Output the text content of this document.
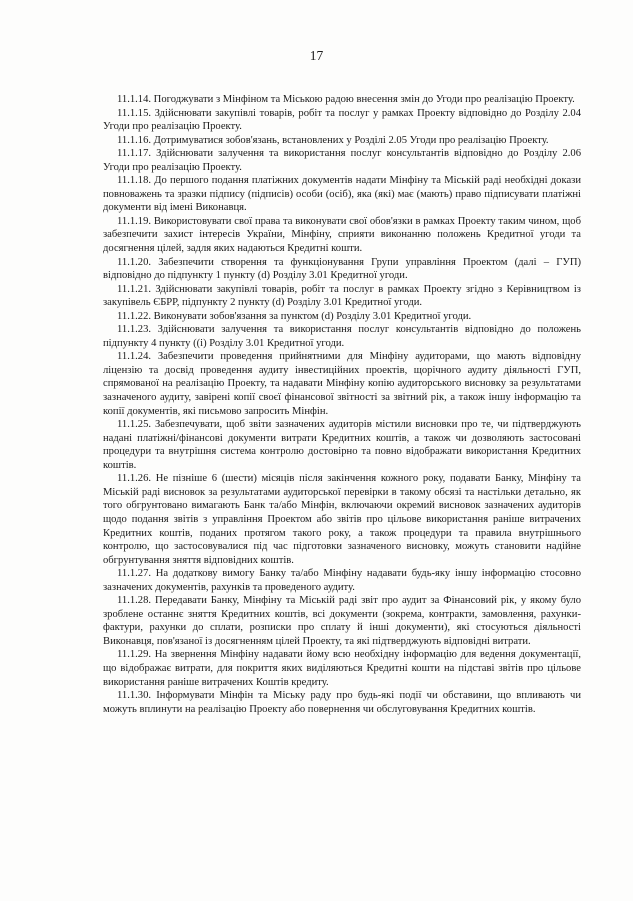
17

11.1.14. Погоджувати з Мінфіном та Міською радою внесення змін до Угоди про реалізацію Проекту.

11.1.15. Здійснювати закупівлі товарів, робіт та послуг у рамках Проекту відповідно до Розділу 2.04 Угоди про реалізацію Проекту.

11.1.16. Дотримуватися зобов'язань, встановлених у Розділі 2.05 Угоди про реалізацію Проекту.

11.1.17. Здійснювати залучення та використання послуг консультантів відповідно до Розділу 2.06 Угоди про реалізацію Проекту.

11.1.18. До першого подання платіжних документів надати Мінфіну та Міській раді необхідні докази повноважень та зразки підпису (підписів) особи (осіб), яка (які) має (мають) право підписувати платіжні документи від імені Виконавця.

11.1.19. Використовувати свої права та виконувати свої обов'язки в рамках Проекту таким чином, щоб забезпечити захист інтересів України, Мінфіну, сприяти виконанню положень Кредитної угоди та досягнення цілей, задля яких надаються Кредитні кошти.

11.1.20. Забезпечити створення та функціонування Групи управління Проектом (далі – ГУП) відповідно до підпункту 1 пункту (d) Розділу 3.01 Кредитної угоди.

11.1.21. Здійснювати закупівлі товарів, робіт та послуг в рамках Проекту згідно з Керівництвом із закупівель ЄБРР, підпункту 2 пункту (d) Розділу 3.01 Кредитної угоди.

11.1.22. Виконувати зобов'язання за пунктом (d) Розділу 3.01 Кредитної угоди.

11.1.23. Здійснювати залучення та використання послуг консультантів відповідно до положень підпункту 4 пункту ((і) Розділу 3.01 Кредитної угоди.

11.1.24. Забезпечити проведення прийнятними для Мінфіну аудиторами, що мають відповідну ліцензію та досвід проведення аудиту інвестиційних проектів, щорічного аудиту діяльності ГУП, спрямованої на реалізацію Проекту, та надавати Мінфіну копію аудиторського висновку за результатами зазначеного аудиту, завірені копії своєї фінансової звітності за звітний рік, а також іншу інформацію та копії документів, які письмово запросить Мінфін.

11.1.25. Забезпечувати, щоб звіти зазначених аудиторів містили висновки про те, чи підтверджують надані платіжні/фінансові документи витрати Кредитних коштів, а також чи дозволяють застосовані процедури та внутрішня система контролю достовірно та повно відображати використання Кредитних коштів.

11.1.26. Не пізніше 6 (шести) місяців після закінчення кожного року, подавати Банку, Мінфіну та Міській раді висновок за результатами аудиторської перевірки в такому обсязі та настільки детально, як того обгрунтовано вимагають Банк та/або Мінфін, включаючи окремий висновок зазначених аудиторів щодо подання звітів з управління Проектом або звітів про цільове використання раніше витрачених Кредитних коштів, поданих протягом такого року, а також процедури та правила внутрішнього контролю, що застосовувалися під час підготовки зазначеного висновку, можуть становити надійне обгрунтування зняття відповідних коштів.

11.1.27. На додаткову вимогу Банку та/або Мінфіну надавати будь-яку іншу інформацію стосовно зазначених документів, рахунків та проведеного аудиту.

11.1.28. Передавати Банку, Мінфіну та Міській раді звіт про аудит за Фінансовий рік, у якому було зроблене останнє зняття Кредитних коштів, всі документи (зокрема, контракти, замовлення, рахунки-фактури, рахунки до сплати, розписки про сплату й інші документи), які стосуються діяльності Виконавця, пов'язаної із досягненням цілей Проекту, та які підтверджують відповідні витрати.

11.1.29. На звернення Мінфіну надавати йому всю необхідну інформацію для ведення документації, що відображає витрати, для покриття яких виділяються Кредитні кошти на підставі звітів про цільове використання раніше витрачених Коштів кредиту.

11.1.30. Інформувати Мінфін та Міську раду про будь-які події чи обставини, що впливають чи можуть вплинути на реалізацію Проекту або повернення чи обслуговування Кредитних коштів.
